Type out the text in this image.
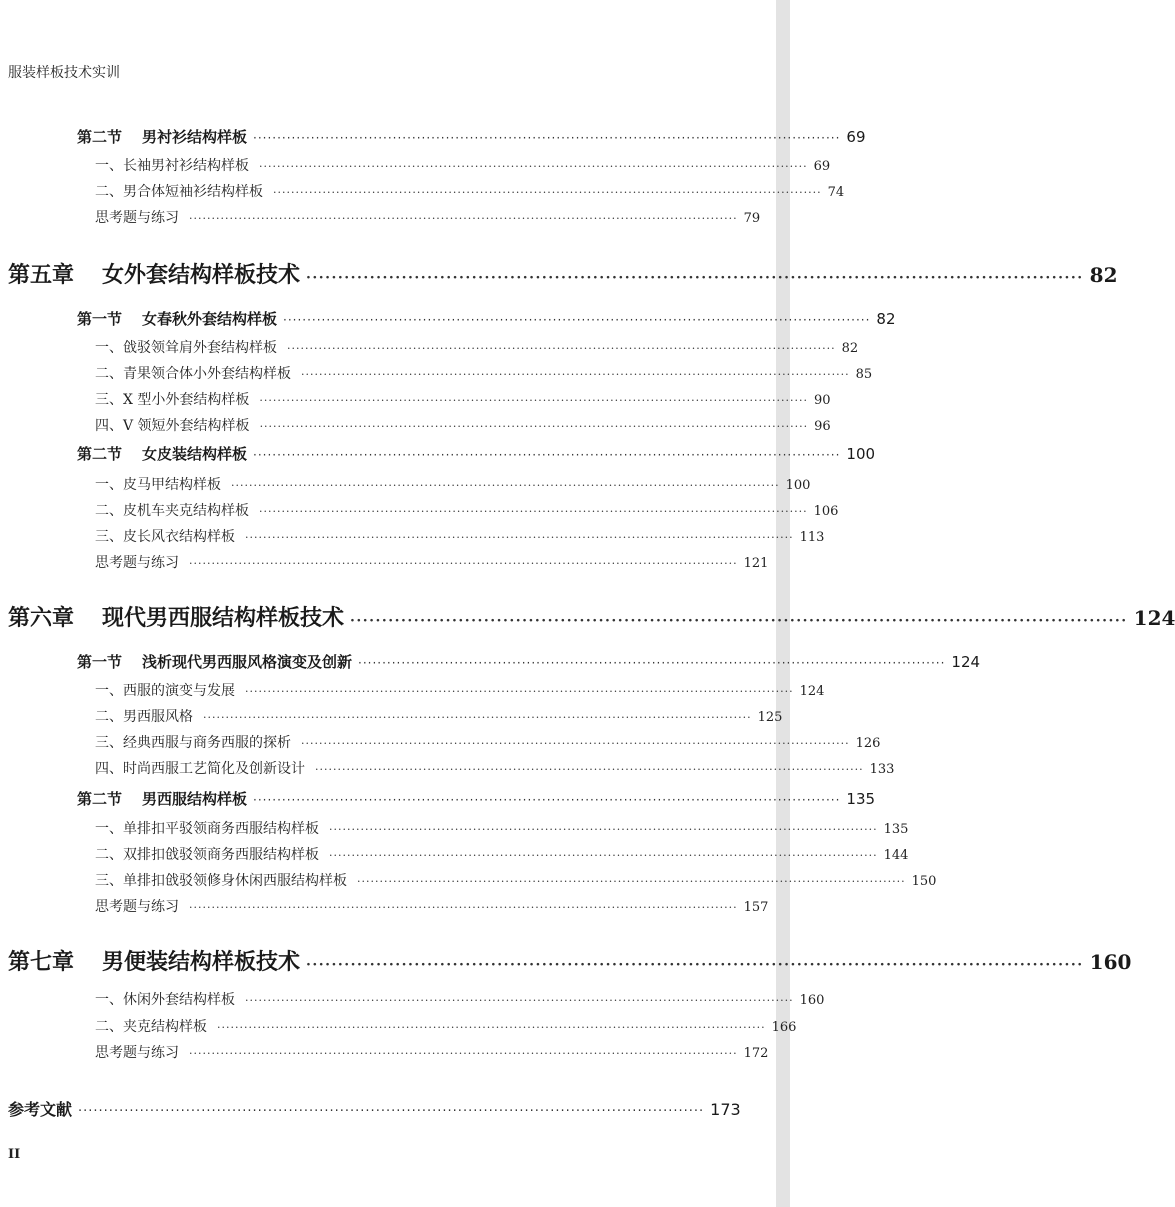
服装样板技术实训
第二节 男衬衫结构样板 ·························································································································· 69
一、长袖男衬衫结构样板 ·························································································································· 69
二、男合体短袖衫结构样板 ·························································································································· 74
思考题与练习 ·························································································································· 79
第五章 女外套结构样板技术 ·························································································································· 82
第一节 女春秋外套结构样板 ·························································································································· 82
一、戗驳领耸肩外套结构样板 ·························································································································· 82
二、青果领合体小外套结构样板 ·························································································································· 85
三、X 型小外套结构样板 ·························································································································· 90
四、V 领短外套结构样板 ·························································································································· 96
第二节 女皮装结构样板 ·························································································································· 100
一、皮马甲结构样板 ·························································································································· 100
二、皮机车夹克结构样板 ·························································································································· 106
三、皮长风衣结构样板 ·························································································································· 113
思考题与练习 ·························································································································· 121
第六章 现代男西服结构样板技术 ·························································································································· 124
第一节 浅析现代男西服风格演变及创新 ·························································································································· 124
一、西服的演变与发展 ·························································································································· 124
二、男西服风格 ·························································································································· 125
三、经典西服与商务西服的探析 ·························································································································· 126
四、时尚西服工艺简化及创新设计 ·························································································································· 133
第二节 男西服结构样板 ·························································································································· 135
一、单排扣平驳领商务西服结构样板 ·························································································································· 135
二、双排扣戗驳领商务西服结构样板 ·························································································································· 144
三、单排扣戗驳领修身休闲西服结构样板 ·························································································································· 150
思考题与练习 ·························································································································· 157
第七章 男便装结构样板技术 ·························································································································· 160
一、休闲外套结构样板 ·························································································································· 160
二、夹克结构样板 ·························································································································· 166
思考题与练习 ·························································································································· 172
参考文献 ·························································································································· 173
II
